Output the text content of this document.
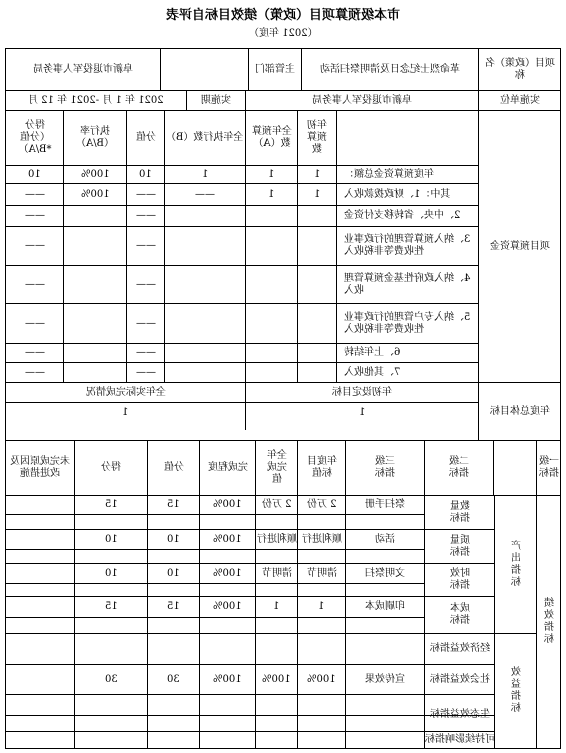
市本级预算项目（政策）绩效目标自评表
（2021 年度）
项目（政策）名称
革命烈士纪念日及清明祭扫活动
主管部门
阜新市退役军人事务局
实施单位
阜新市退役军人事务局
实施期
2021 年 1 月 -2021 年 12 月
项目预算资金
年初预算数
全年预算数（A）
全年执行数（B）
分值
执行率（B/A）
得分（分值*B/A）
年度预算资金总额：
1
1
1
10
100%
10
其中：1、财政拨款收入
1
1
——
——
100%
——
2、中央、省转移支付资金
——
——
3、纳入预算管理的行政事业性收费等非税收入
——
——
4、纳入政府性基金预算管理收入
——
——
5、纳入专户管理的行政事业性收费等非税收入
——
——
6、上年结转
——
——
7、其他收入
——
——
年度总体目标
年初设定目标
全年实际完成情况
1
1
一级指标
二级指标
三级指标
年度目标值
全年完成值
完成程度
分值
得分
未完成原因及改进措施
绩效指标
产出指标
效益指标
数量指标
质量指标
时效指标
成本指标
经济效益指标
社会效益指标
生态效益指标
可持续影响指标
祭扫手册
2 万份
2 万份
100%
15
15
活动
顺利进行
顺利进行
100%
10
10
文明祭扫
清明节
清明节
100%
10
10
印刷成本
1
1
100%
15
15
宣传效果
100%
100%
100%
30
30
